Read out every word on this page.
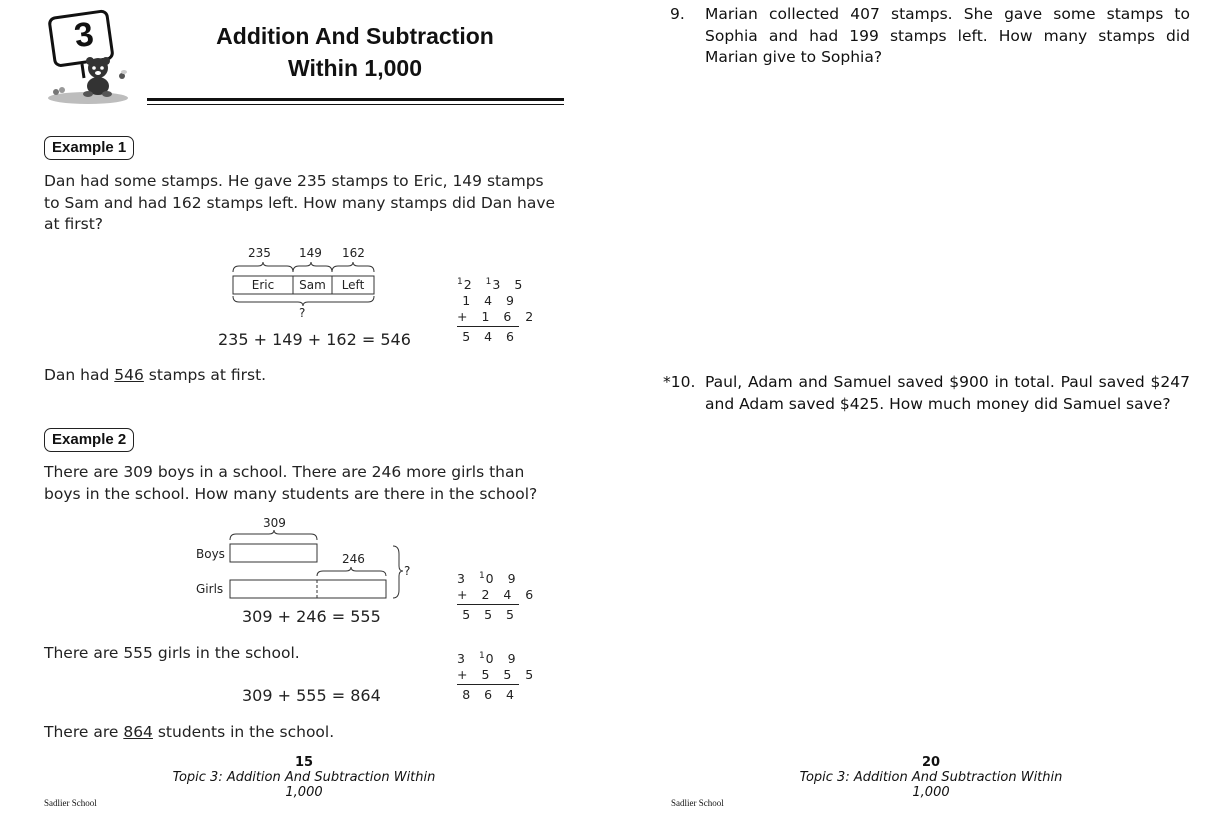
3	Addition And Subtraction
Within 1,000
Example 1
Dan had some stamps. He gave 235 stamps to Eric, 149 stamps to Sam and had 162 stamps left. How many stamps did Dan have at first?
235 149 162
Eric	Sam	Left
?
235 + 149 + 162 = 546
$^1$2 $^1$3 5
1 4 9
+ 1 6 2
5 4 6
Dan had 546 stamps at first.
Example 2
There are 309 boys in a school. There are 246 more girls than boys in the school. How many students are there in the school?
309
Boys
Girls
246
?
309 + 246 = 555
3 $^1$0 9
+ 2 4 6
5 5 5
There are 555 girls in the school.	3 $^1$0 9
+ 5 5 5
8 6 4
309 + 555 = 864
There are 864 students in the school.
15
Topic 3: Addition And Subtraction Within 1,000
Sadlier School
9. Marian collected 407 stamps. She gave some stamps to Sophia and had 199 stamps left. How many stamps did Marian give to Sophia?
*10. Paul, Adam and Samuel saved $900 in total. Paul saved $247 and Adam saved $425. How much money did Samuel save?
20
Topic 3: Addition And Subtraction Within 1,000
Sadlier School
